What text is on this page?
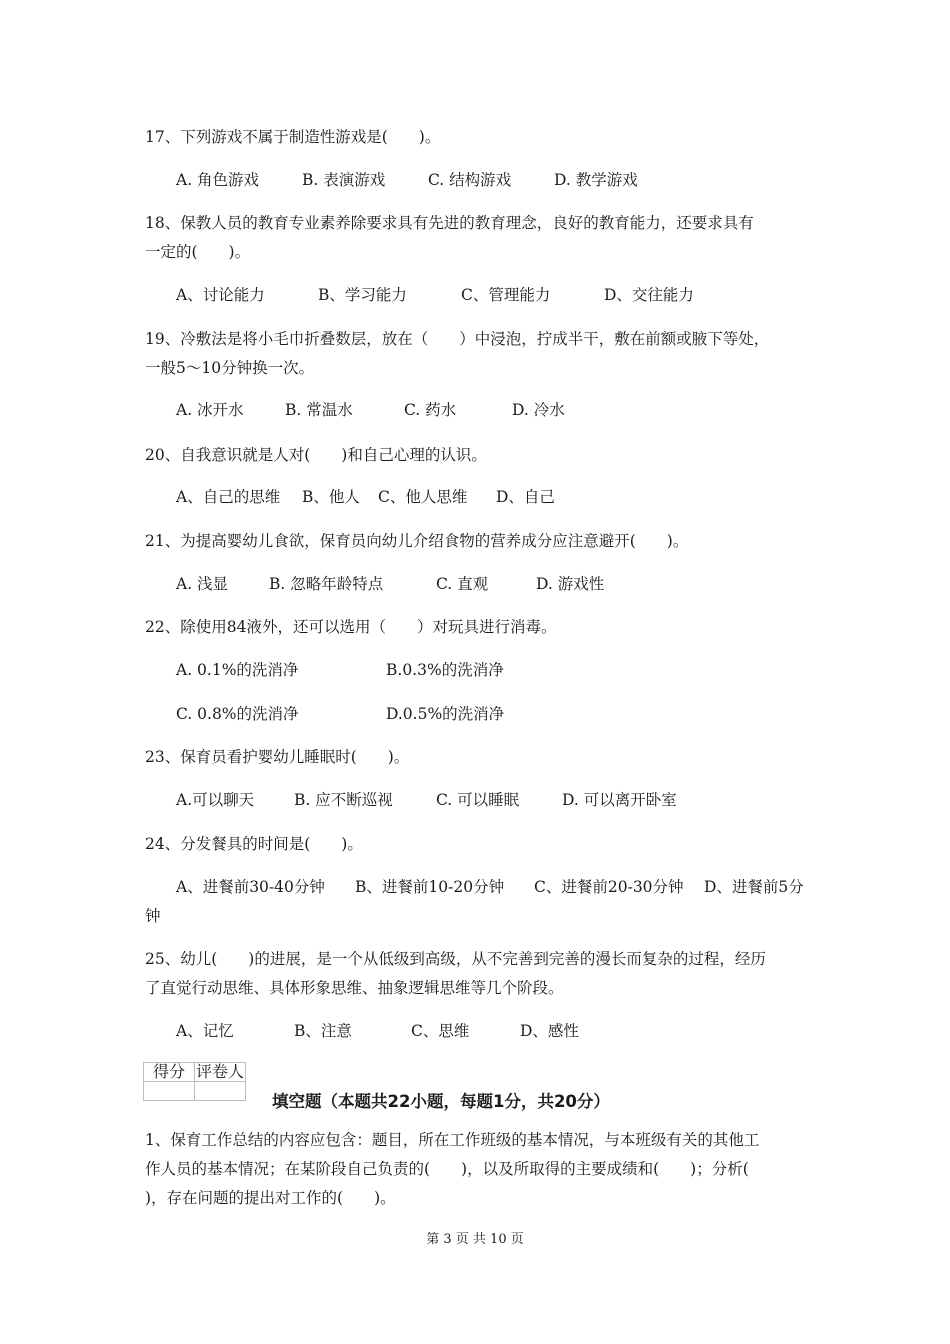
17、下列游戏不属于制造性游戏是(　　)。
A. 角色游戏	B. 表演游戏	C. 结构游戏	D. 教学游戏
18、保教人员的教育专业素养除要求具有先进的教育理念，良好的教育能力，还要求具有
一定的(　　)。
A、讨论能力	B、学习能力	C、管理能力	D、交往能力
19、冷敷法是将小毛巾折叠数层，放在（　　）中浸泡，拧成半干，敷在前额或腋下等处，
一般5～10分钟换一次。
A. 冰开水	B. 常温水	C. 药水	D. 冷水
20、自我意识就是人对(　　)和自己心理的认识。
A、自己的思维 B、他人 C、他人思维 D、自己
21、为提高婴幼儿食欲，保育员向幼儿介绍食物的营养成分应注意避开(　　)。
A. 浅显	B. 忽略年龄特点	C. 直观	D. 游戏性
22、除使用84液外，还可以选用（　　）对玩具进行消毒。
A. 0.1%的洗消净	B.0.3%的洗消净
C. 0.8%的洗消净	D.0.5%的洗消净
23、保育员看护婴幼儿睡眠时(　　)。
A.可以聊天	B. 应不断巡视	C. 可以睡眠	D. 可以离开卧室
24、分发餐具的时间是(　　)。
A、进餐前30-40分钟 B、进餐前10-20分钟 C、进餐前20-30分钟 D、进餐前5分
钟
25、幼儿(　　)的进展，是一个从低级到高级，从不完善到完善的漫长而复杂的过程，经历
了直觉行动思维、具体形象思维、抽象逻辑思维等几个阶段。
A、记忆	B、注意	C、思维	D、感性
得分	评卷人

填空题（本题共22小题，每题1分，共20分）
1、保育工作总结的内容应包含：题目，所在工作班级的基本情况，与本班级有关的其他工
作人员的基本情况；在某阶段自己负责的(　　)，以及所取得的主要成绩和(　　)；分析(
)，存在问题的提出对工作的(　　)。
第 3 页 共 10 页
